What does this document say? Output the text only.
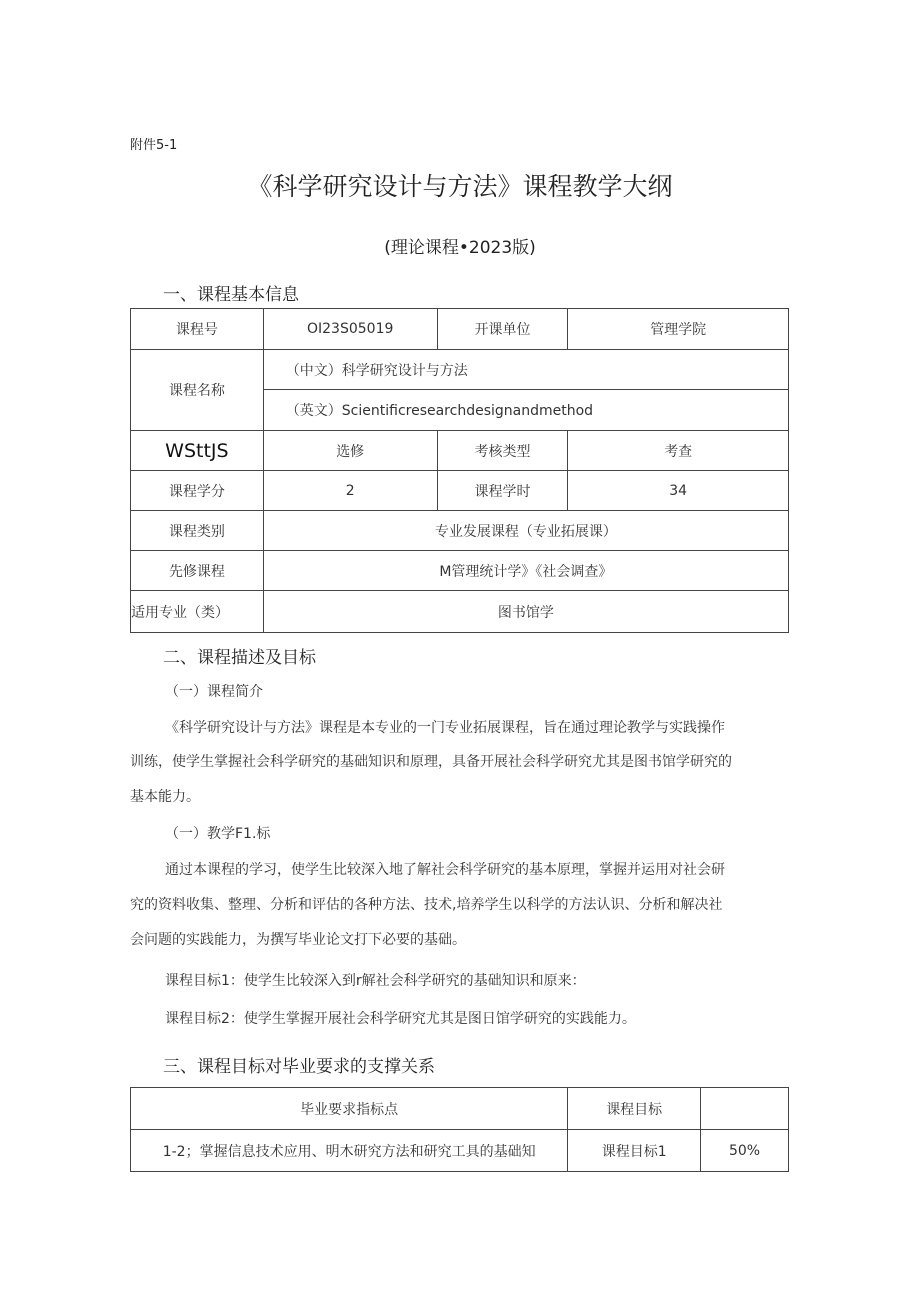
附件5-1
《科学研究设计与方法》课程教学大纲
(理论课程•2023版)
一、课程基本信息
课程号	OI23S05019	开课单位	管理学院
课程名称	（中文）科学研究设计与方法		
	（英文）Scientificresearchdesignandmethod		
WSttJS	选修	考核类型	考查
课程学分	2	课程学时	34
课程类别	专业发展课程（专业拓展课）		
先修课程	M管理统计学》《社会调查》		
适用专业（类）	图书馆学		
二、课程描述及目标
（一）课程简介
《科学研究设计与方法》课程是本专业的一门专业拓展课程，旨在通过理论教学与实践操作
训练，使学生掌握社会科学研究的基础知识和原理，具备开展社会科学研究尤其是图书馆学研究的
基本能力。
（一）教学F1.标
通过本课程的学习，使学生比较深入地了解社会科学研究的基本原理，掌握并运用对社会研
究的资料收集、整理、分析和评估的各种方法、技术,培养学生以科学的方法认识、分析和解决社
会问题的实践能力，为撰写毕业论文打下必要的基础。
课程目标1：使学生比较深入到r解社会科学研究的基础知识和原来：
课程目标2：使学生掌握开展社会科学研究尤其是图日馆学研究的实践能力。
三、课程目标对毕业要求的支撑关系
毕业要求指标点	课程目标	
1-2；掌握信息技术应用、明木研究方法和研究工具的基础知	课程目标1	50%
